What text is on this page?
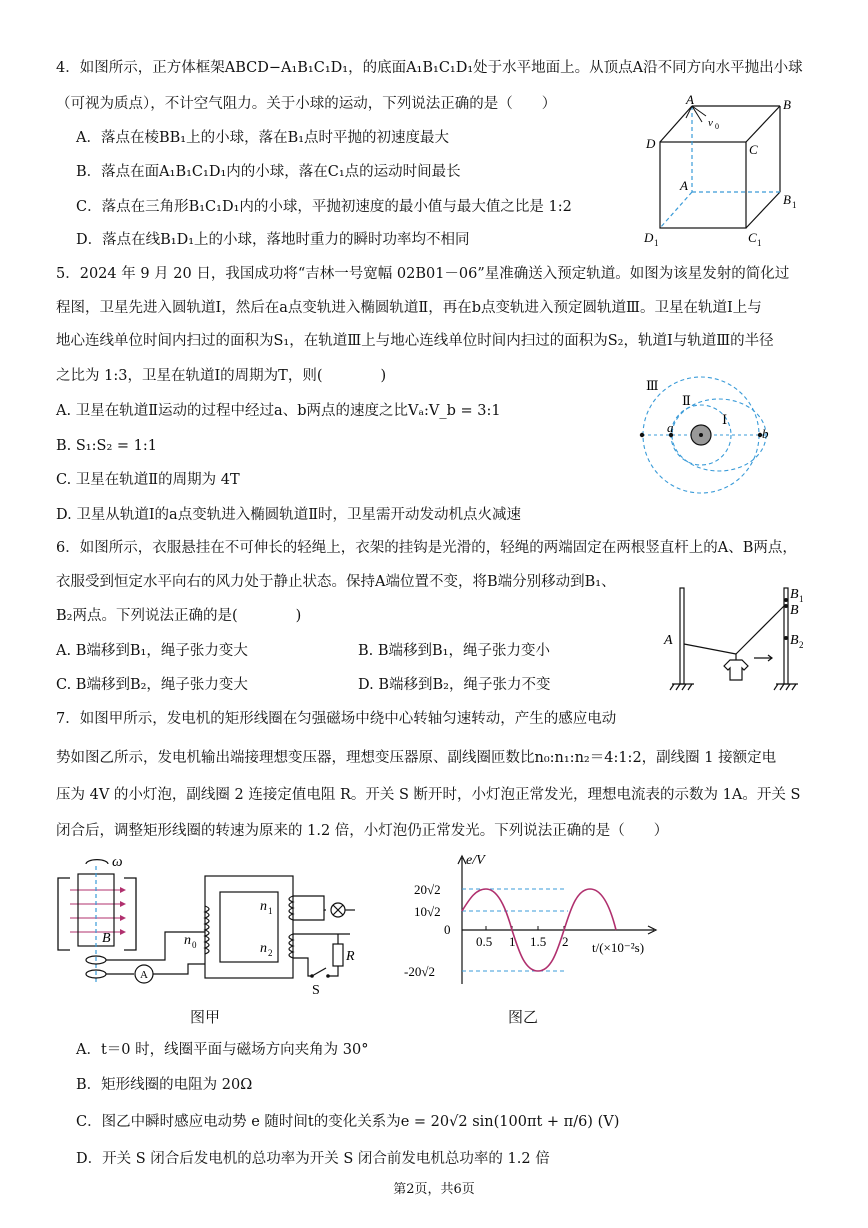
4．如图所示，正方体框架ABCD−A₁B₁C₁D₁，的底面A₁B₁C₁D₁处于水平地面上。从顶点A沿不同方向水平抛出小球
（可视为质点），不计空气阻力。关于小球的运动，下列说法正确的是（　　）
A．落点在棱BB₁上的小球，落在B₁点时平抛的初速度最大
B．落点在面A₁B₁C₁D₁内的小球，落在C₁点的运动时间最长
C．落点在三角形B₁C₁D₁内的小球，平抛初速度的最小值与最大值之比是 1:2
D．落点在线B₁D₁上的小球，落地时重力的瞬时功率均不相同
A	B
C
D
A
B 1
C 1
D 1
v 0
5．2024 年 9 月 20 日，我国成功将“吉林一号宽幅 02B01－06”星准确送入预定轨道。如图为该星发射的简化过
程图，卫星先进入圆轨道Ⅰ，然后在a点变轨进入椭圆轨道Ⅱ，再在b点变轨进入预定圆轨道Ⅲ。卫星在轨道Ⅰ上与
地心连线单位时间内扫过的面积为S₁，在轨道Ⅲ上与地心连线单位时间内扫过的面积为S₂，轨道Ⅰ与轨道Ⅲ的半径
之比为 1:3，卫星在轨道Ⅰ的周期为T，则(　　　　)
A. 卫星在轨道Ⅱ运动的过程中经过a、b两点的速度之比Vₐ:V_b = 3:1
B. S₁:S₂ = 1:1
C. 卫星在轨道Ⅱ的周期为 4T
D. 卫星从轨道Ⅰ的a点变轨进入椭圆轨道Ⅱ时，卫星需开动发动机点火减速
Ⅲ
Ⅱ
Ⅰ
a	b
6．如图所示，衣服悬挂在不可伸长的轻绳上，衣架的挂钩是光滑的，轻绳的两端固定在两根竖直杆上的A、B两点，
衣服受到恒定水平向右的风力处于静止状态。保持A端位置不变，将B端分别移动到B₁、
B₂两点。下列说法正确的是(　　　　)
A. B端移到B₁，绳子张力变大	B. B端移到B₁，绳子张力变小
C. B端移到B₂，绳子张力变大	D. B端移到B₂，绳子张力不变
A
B 1
B
B 2
7．如图甲所示，发电机的矩形线圈在匀强磁场中绕中心转轴匀速转动，产生的感应电动
势如图乙所示，发电机输出端接理想变压器，理想变压器原、副线圈匝数比n₀:n₁:n₂＝4:1:2，副线圈 1 接额定电
压为 4V 的小灯泡，副线圈 2 连接定值电阻 R。开关 S 断开时，小灯泡正常发光，理想电流表的示数为 1A。开关 S
闭合后，调整矩形线圈的转速为原来的 1.2 倍，小灯泡仍正常发光。下列说法正确的是（　　）
ω
B
A
n 0
n 1
n 2	R
S
e/V
20√2
10√2
0
-20√2
0.5 1 1.5 2 t/(×10⁻²s)
图甲	图乙
A．t＝0 时，线圈平面与磁场方向夹角为 30°
B．矩形线圈的电阻为 20Ω
C．图乙中瞬时感应电动势 e 随时间t的变化关系为e = 20√2 sin(100πt + π/6) (V)
D．开关 S 闭合后发电机的总功率为开关 S 闭合前发电机总功率的 1.2 倍
第2页，共6页
